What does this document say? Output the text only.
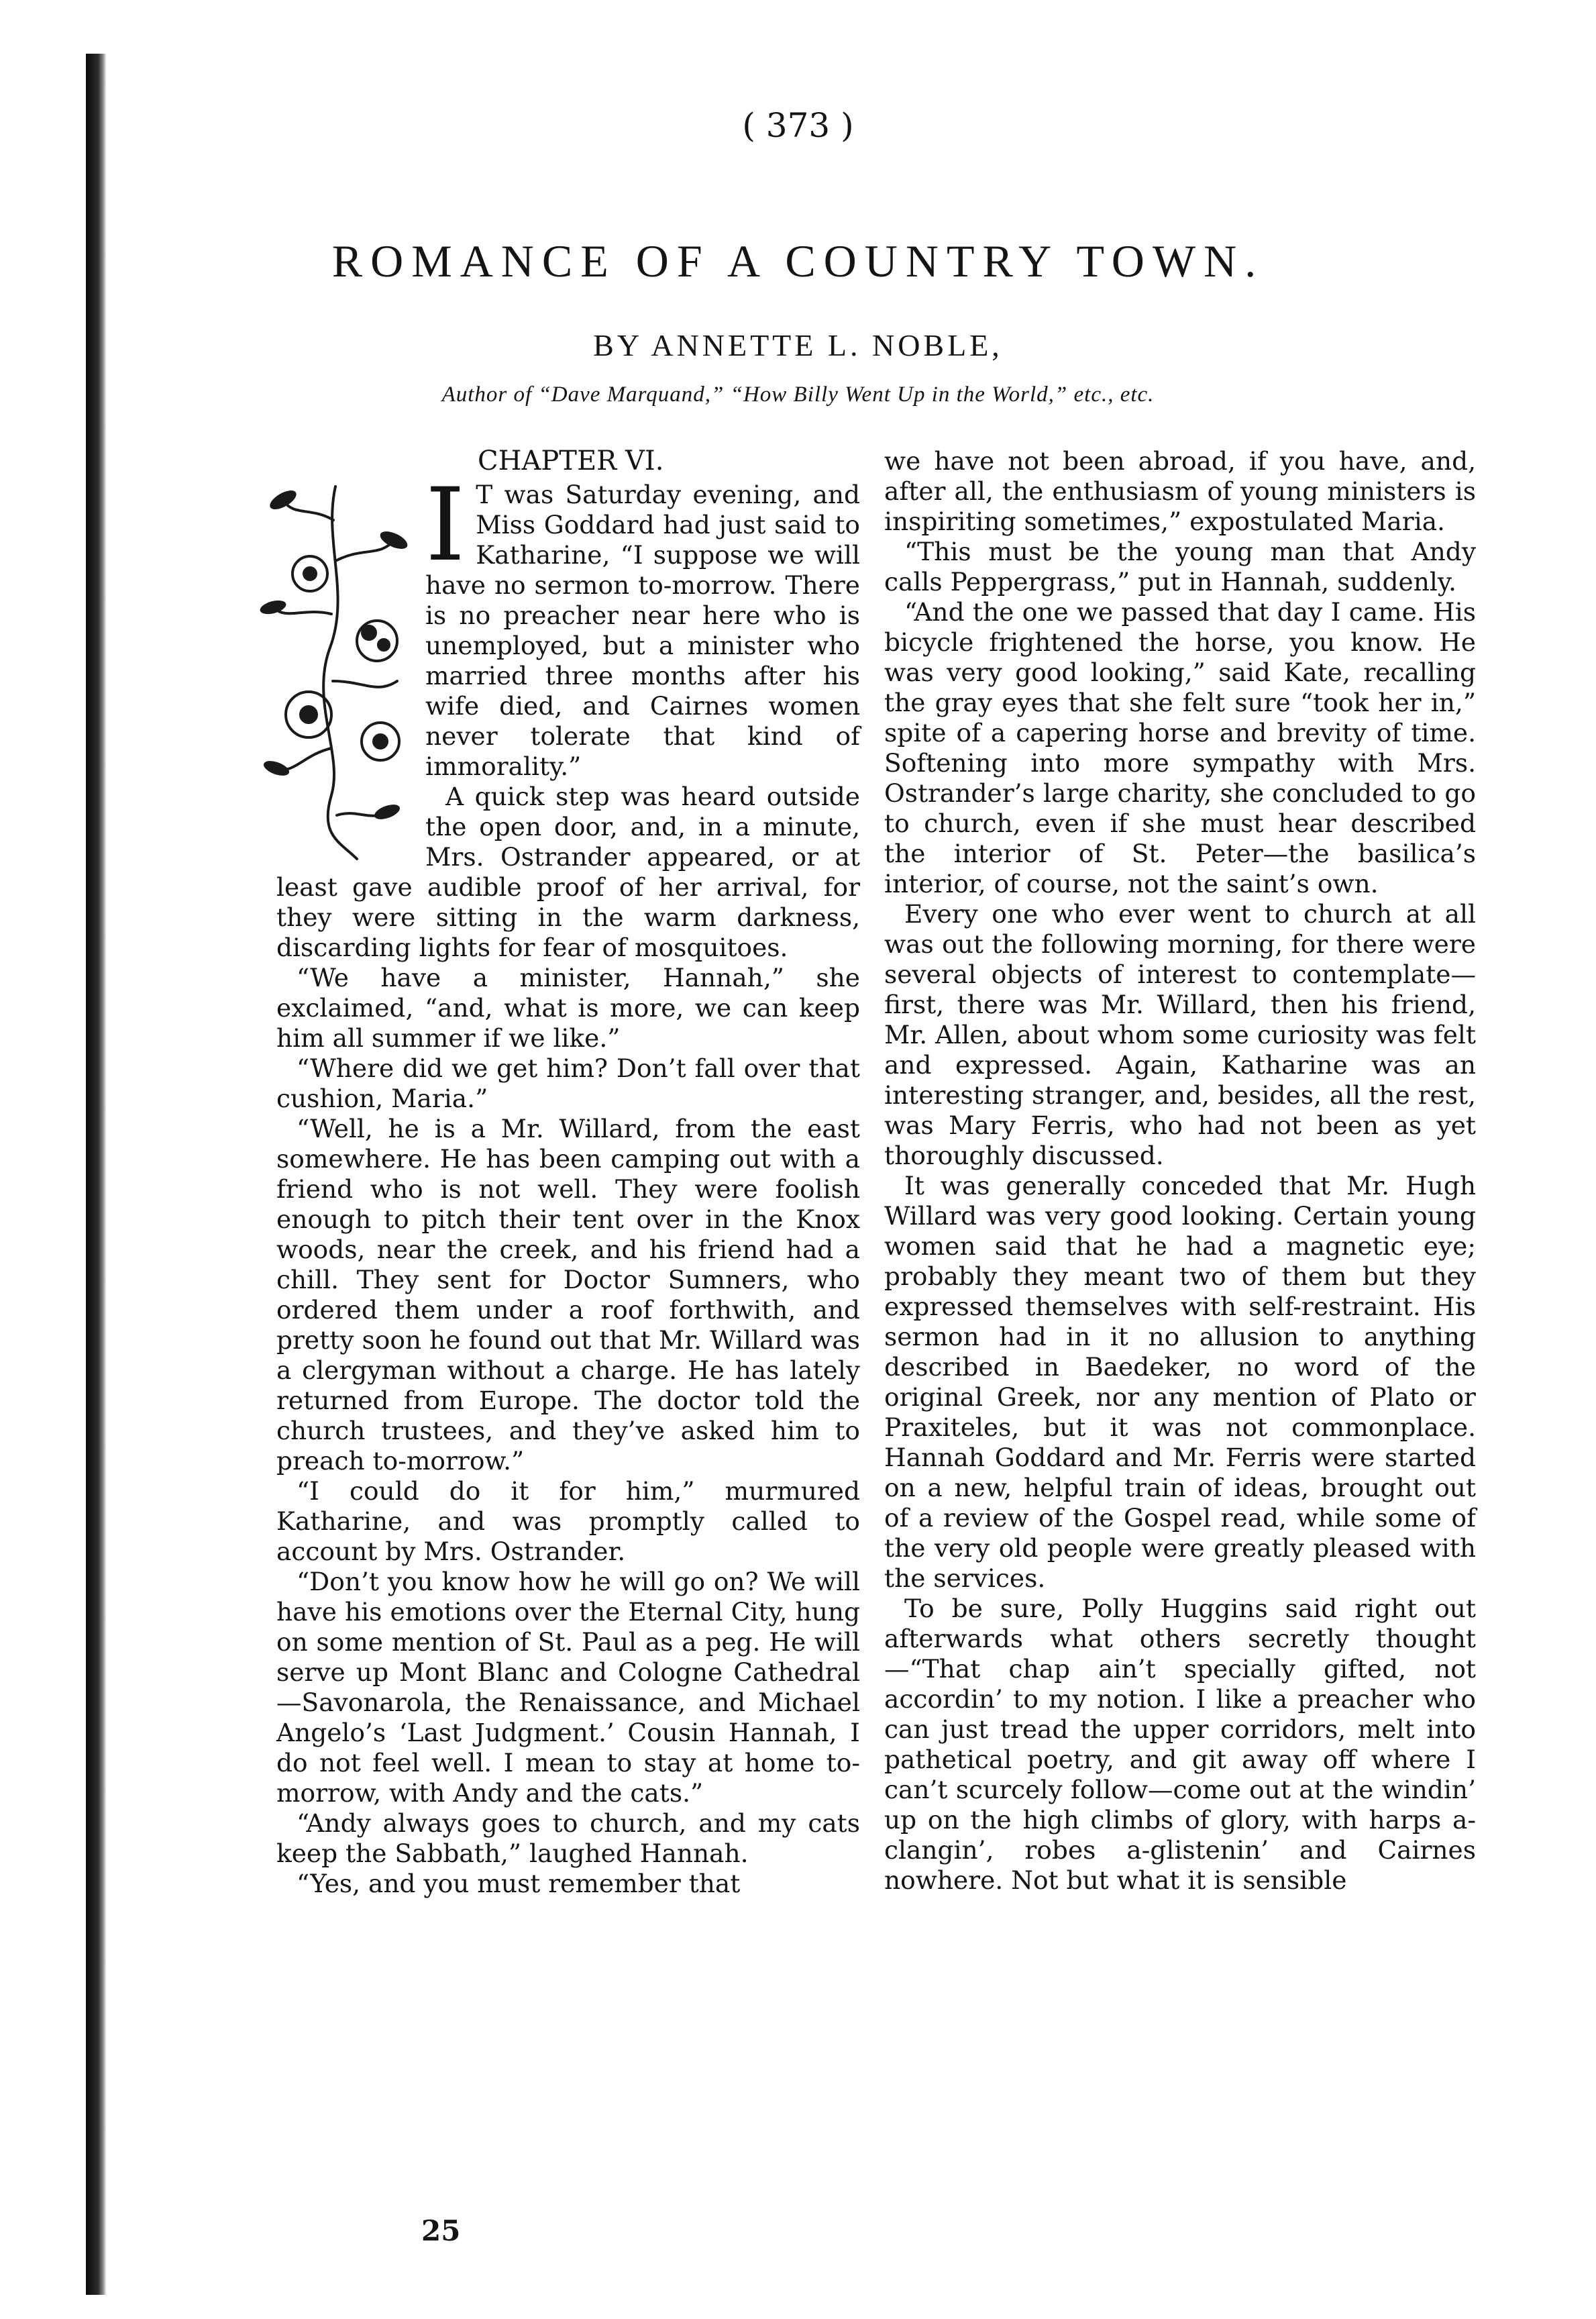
( 373 )
ROMANCE OF A COUNTRY TOWN.
BY ANNETTE L. NOBLE,
Author of “Dave Marquand,” “How Billy Went Up in the World,” etc., etc.
CHAPTER VI.

I T was Saturday evening, and Miss Goddard had just said to Katharine, “I suppose we will have no sermon to-morrow. There is no preacher near here who is unemployed, but a minister who married three months after his wife died, and Cairnes women never tolerate that kind of immorality.”

A quick step was heard outside the open door, and, in a minute, Mrs. Ostrander appeared, or at least gave audible proof of her arrival, for they were sitting in the warm darkness, discarding lights for fear of mosquitoes.

“We have a minister, Hannah,” she exclaimed, “and, what is more, we can keep him all summer if we like.”

“Where did we get him? Don’t fall over that cushion, Maria.”

“Well, he is a Mr. Willard, from the east somewhere. He has been camping out with a friend who is not well. They were foolish enough to pitch their tent over in the Knox woods, near the creek, and his friend had a chill. They sent for Doctor Sumners, who ordered them under a roof forthwith, and pretty soon he found out that Mr. Willard was a clergyman without a charge. He has lately returned from Europe. The doctor told the church trustees, and they’ve asked him to preach to-morrow.”

“I could do it for him,” murmured Katharine, and was promptly called to account by Mrs. Ostrander.

“Don’t you know how he will go on? We will have his emotions over the Eternal City, hung on some mention of St. Paul as a peg. He will serve up Mont Blanc and Cologne Cathedral—Savonarola, the Renaissance, and Michael Angelo’s ‘Last Judgment.’ Cousin Hannah, I do not feel well. I mean to stay at home to-morrow, with Andy and the cats.”

“Andy always goes to church, and my cats keep the Sabbath,” laughed Hannah.

“Yes, and you must remember that

we have not been abroad, if you have, and, after all, the enthusiasm of young ministers is inspiriting sometimes,” expostulated Maria.

“This must be the young man that Andy calls Peppergrass,” put in Hannah, suddenly.

“And the one we passed that day I came. His bicycle frightened the horse, you know. He was very good looking,” said Kate, recalling the gray eyes that she felt sure “took her in,” spite of a capering horse and brevity of time. Softening into more sympathy with Mrs. Ostrander’s large charity, she concluded to go to church, even if she must hear described the interior of St. Peter—the basilica’s interior, of course, not the saint’s own.

Every one who ever went to church at all was out the following morning, for there were several objects of interest to contemplate—first, there was Mr. Willard, then his friend, Mr. Allen, about whom some curiosity was felt and expressed. Again, Katharine was an interesting stranger, and, besides, all the rest, was Mary Ferris, who had not been as yet thoroughly discussed.

It was generally conceded that Mr. Hugh Willard was very good looking. Certain young women said that he had a magnetic eye; probably they meant two of them but they expressed themselves with self-restraint. His sermon had in it no allusion to anything described in Baedeker, no word of the original Greek, nor any mention of Plato or Praxiteles, but it was not commonplace. Hannah Goddard and Mr. Ferris were started on a new, helpful train of ideas, brought out of a review of the Gospel read, while some of the very old people were greatly pleased with the services.

To be sure, Polly Huggins said right out afterwards what others secretly thought—“That chap ain’t specially gifted, not accordin’ to my notion. I like a preacher who can just tread the upper corridors, melt into pathetical poetry, and git away off where I can’t scurcely follow—come out at the windin’ up on the high climbs of glory, with harps a-clangin’, robes a-glistenin’ and Cairnes nowhere. Not but what it is sensible

25
